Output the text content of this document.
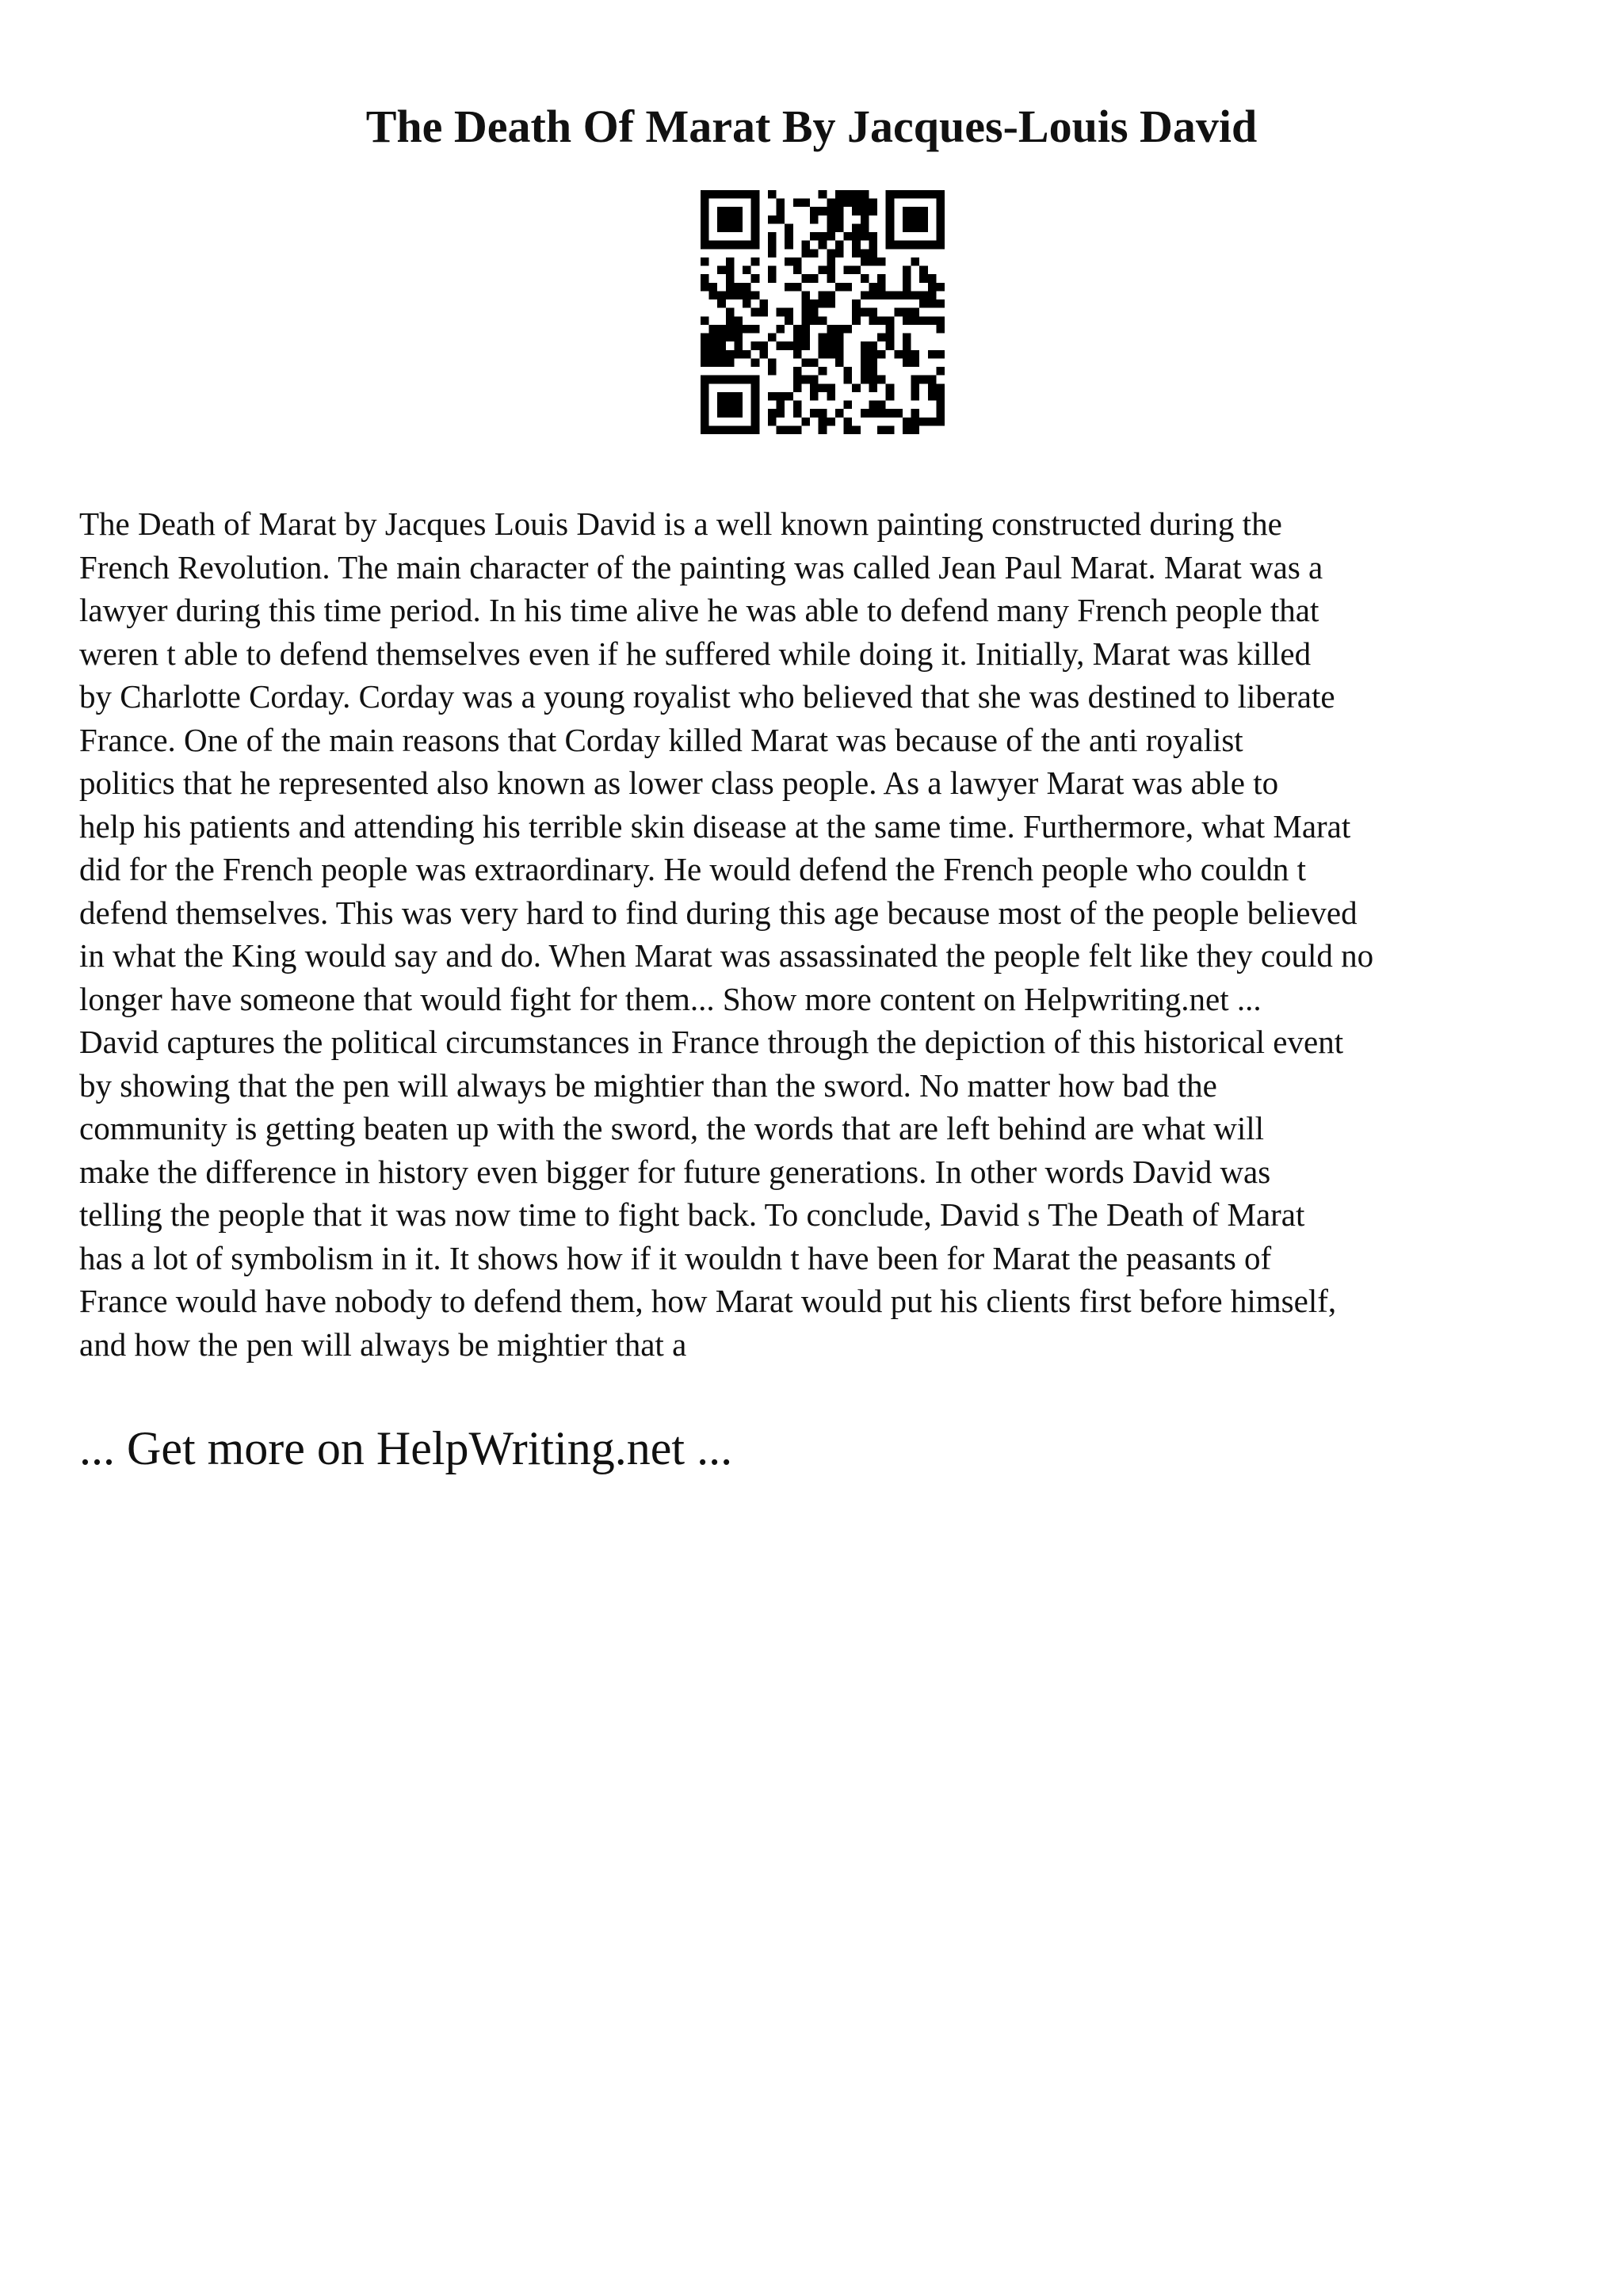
The Death Of Marat By Jacques-Louis David
The Death of Marat by Jacques Louis David is a well known painting constructed during the
French Revolution. The main character of the painting was called Jean Paul Marat. Marat was a
lawyer during this time period. In his time alive he was able to defend many French people that
weren t able to defend themselves even if he suffered while doing it. Initially, Marat was killed
by Charlotte Corday. Corday was a young royalist who believed that she was destined to liberate
France. One of the main reasons that Corday killed Marat was because of the anti royalist
politics that he represented also known as lower class people. As a lawyer Marat was able to
help his patients and attending his terrible skin disease at the same time. Furthermore, what Marat
did for the French people was extraordinary. He would defend the French people who couldn t
defend themselves. This was very hard to find during this age because most of the people believed
in what the King would say and do. When Marat was assassinated the people felt like they could no
longer have someone that would fight for them... Show more content on Helpwriting.net ...
David captures the political circumstances in France through the depiction of this historical event
by showing that the pen will always be mightier than the sword. No matter how bad the
community is getting beaten up with the sword, the words that are left behind are what will
make the difference in history even bigger for future generations. In other words David was
telling the people that it was now time to fight back. To conclude, David s The Death of Marat
has a lot of symbolism in it. It shows how if it wouldn t have been for Marat the peasants of
France would have nobody to defend them, how Marat would put his clients first before himself,
and how the pen will always be mightier that a
... Get more on HelpWriting.net ...
